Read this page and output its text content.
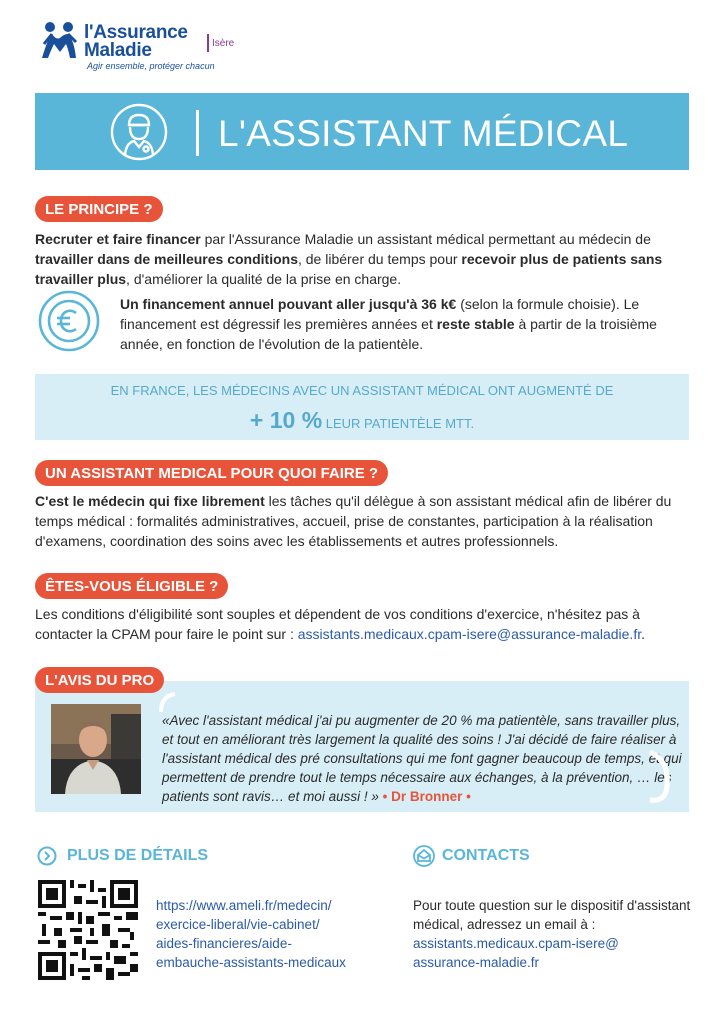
l'Assurance
Maladie
Agir ensemble, protéger chacun
Isère
L'ASSISTANT MÉDICAL
LE PRINCIPE ?
Recruter et faire financer par l'Assurance Maladie un assistant médical permettant au médecin de travailler dans de meilleures conditions, de libérer du temps pour recevoir plus de patients sans travailler plus, d'améliorer la qualité de la prise en charge.
Un financement annuel pouvant aller jusqu'à 36 k€ (selon la formule choisie). Le financement est dégressif les premières années et reste stable à partir de la troisième année, en fonction de l'évolution de la patientèle.
EN FRANCE, LES MÉDECINS AVEC UN ASSISTANT MÉDICAL ONT AUGMENTÉ DE
+ 10 % LEUR PATIENTÈLE MTT.
UN ASSISTANT MEDICAL POUR QUOI FAIRE ?
C'est le médecin qui fixe librement les tâches qu'il délègue à son assistant médical afin de libérer du temps médical : formalités administratives, accueil, prise de constantes, participation à la réalisation d'examens, coordination des soins avec les établissements et autres professionnels.
ÊTES-VOUS ÉLIGIBLE ?
Les conditions d'éligibilité sont souples et dépendent de vos conditions d'exercice, n'hésitez pas à contacter la CPAM pour faire le point sur : assistants.medicaux.cpam-isere@assurance-maladie.fr.
L'AVIS DU PRO
«Avec l'assistant médical j'ai pu augmenter de 20 % ma patientèle, sans travailler plus, et tout en améliorant très largement la qualité des soins ! J'ai décidé de faire réaliser à l'assistant médical des pré consultations qui me font gagner beaucoup de temps, et qui permettent de prendre tout le temps nécessaire aux échanges, à la prévention, … les patients sont ravis… et moi aussi ! » • Dr Bronner •
PLUS DE DÉTAILS
https://www.ameli.fr/medecin/
exercice-liberal/vie-cabinet/
aides-financieres/aide-
embauche-assistants-medicaux
CONTACTS
Pour toute question sur le dispositif d'assistant médical, adressez un email à :
assistants.medicaux.cpam-isere@
assurance-maladie.fr
